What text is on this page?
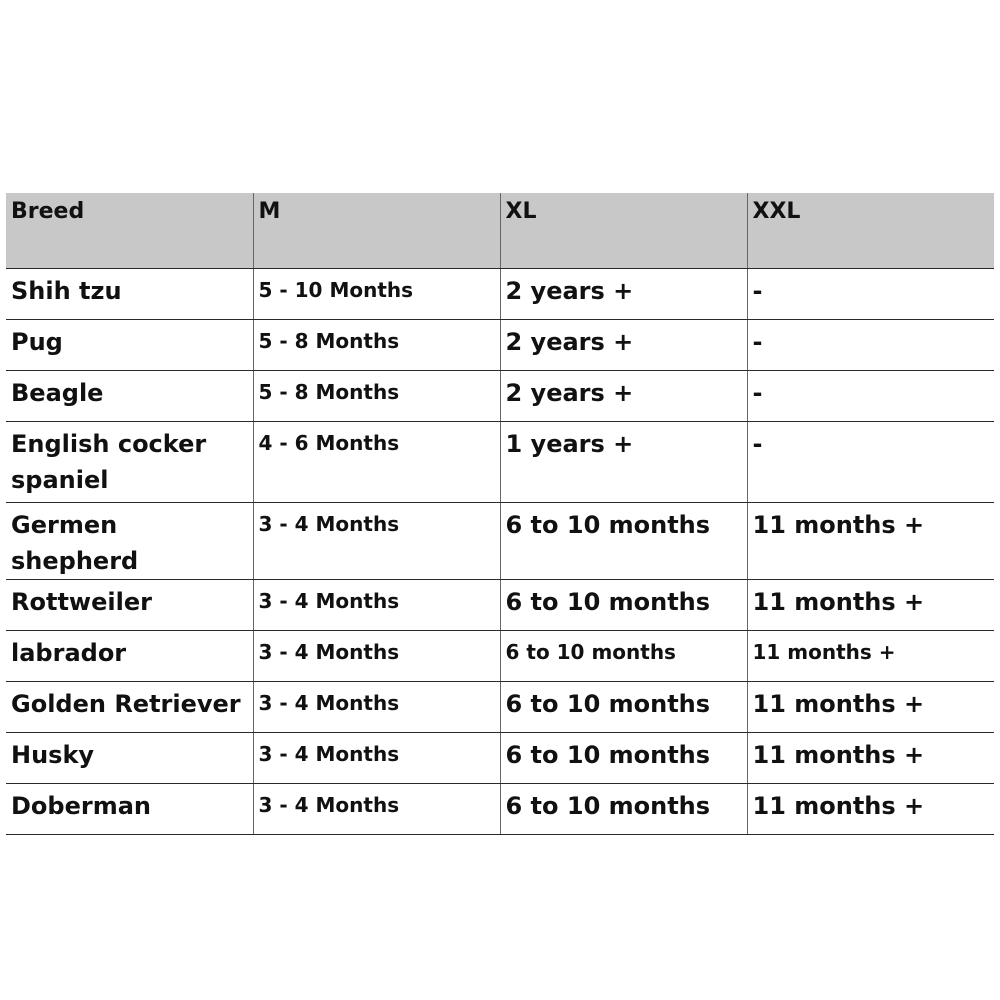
Breed	M	XL	XXL
Shih tzu	5 - 10 Months	2 years +	-
Pug	5 - 8 Months	2 years +	-
Beagle	5 - 8 Months	2 years +	-
English cocker spaniel	4 - 6 Months	1 years +	-
Germen shepherd	3 - 4 Months	6 to 10 months	11 months +
Rottweiler	3 - 4 Months	6 to 10 months	11 months +
labrador	3 - 4 Months	6 to 10 months	11 months +
Golden Retriever	3 - 4 Months	6 to 10 months	11 months +
Husky	3 - 4 Months	6 to 10 months	11 months +
Doberman	3 - 4 Months	6 to 10 months	11 months +
